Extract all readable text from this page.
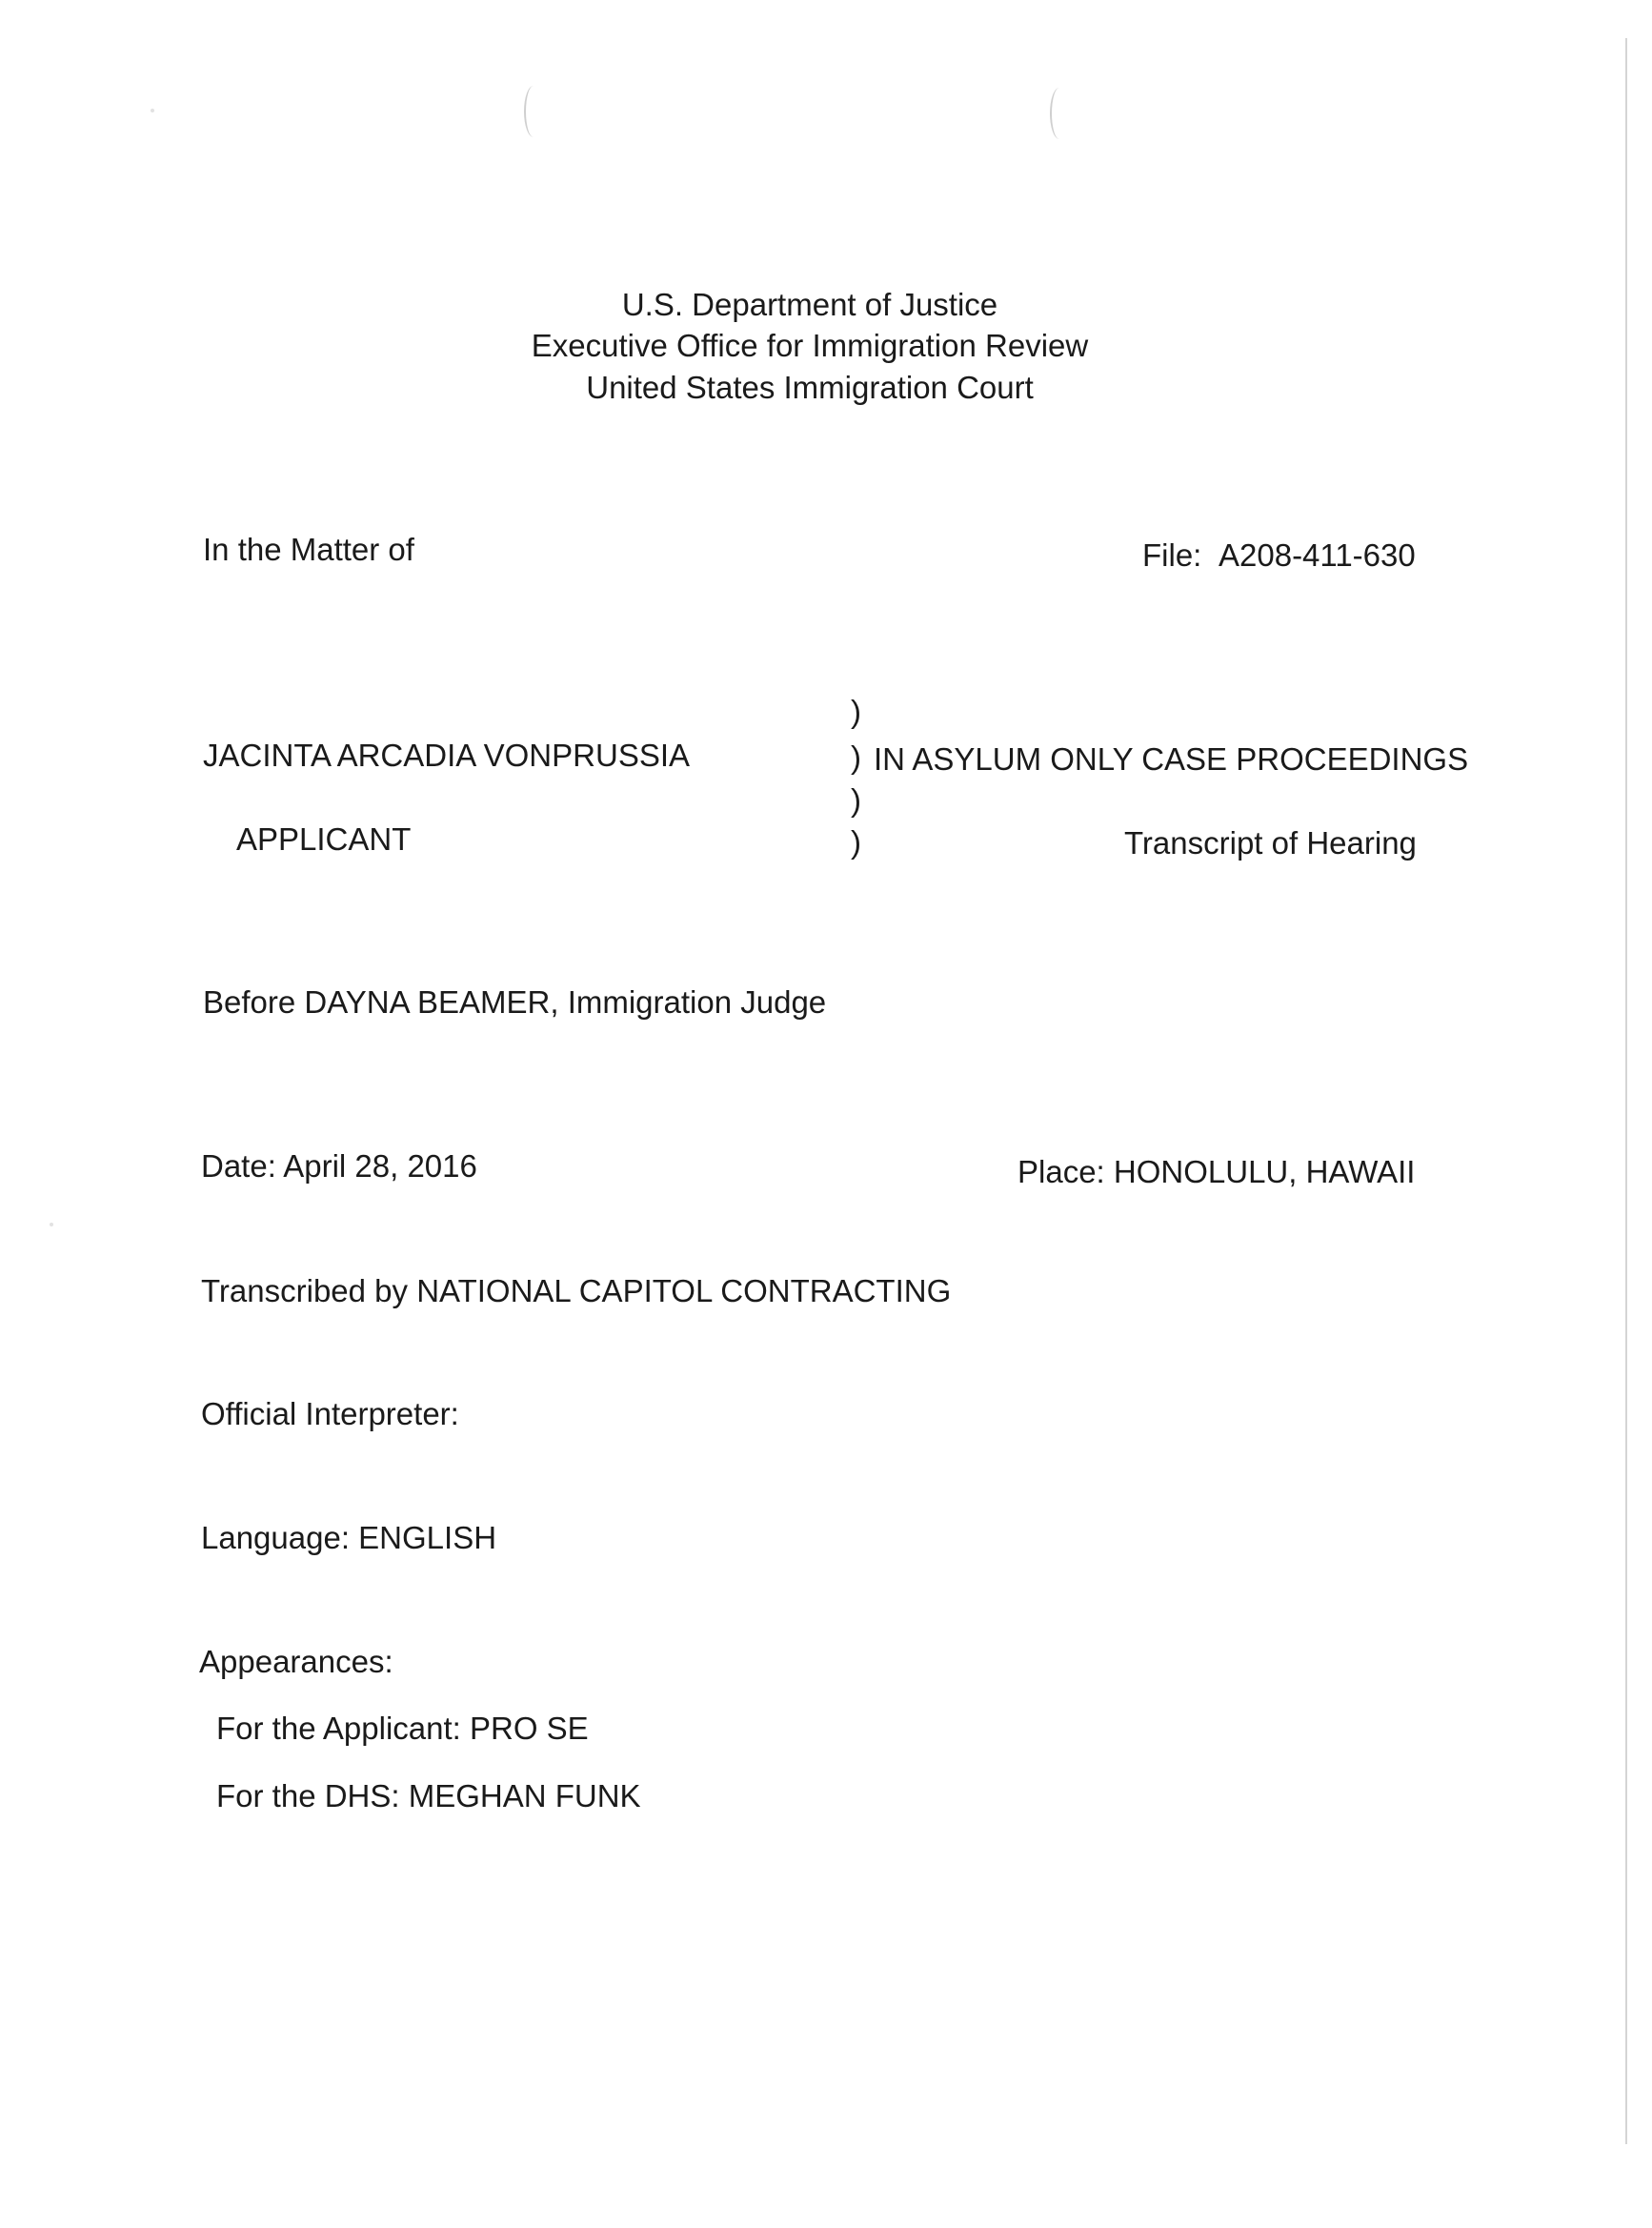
U.S. Department of Justice
Executive Office for Immigration Review
United States Immigration Court
In the Matter of	File: A208-411-630
)
)
)
)
JACINTA ARCADIA VONPRUSSIA	IN ASYLUM ONLY CASE PROCEEDINGS
APPLICANT	Transcript of Hearing
Before DAYNA BEAMER, Immigration Judge
Date: April 28, 2016	Place: HONOLULU, HAWAII
Transcribed by NATIONAL CAPITOL CONTRACTING
Official Interpreter:
Language: ENGLISH
Appearances:
For the Applicant: PRO SE
For the DHS: MEGHAN FUNK
